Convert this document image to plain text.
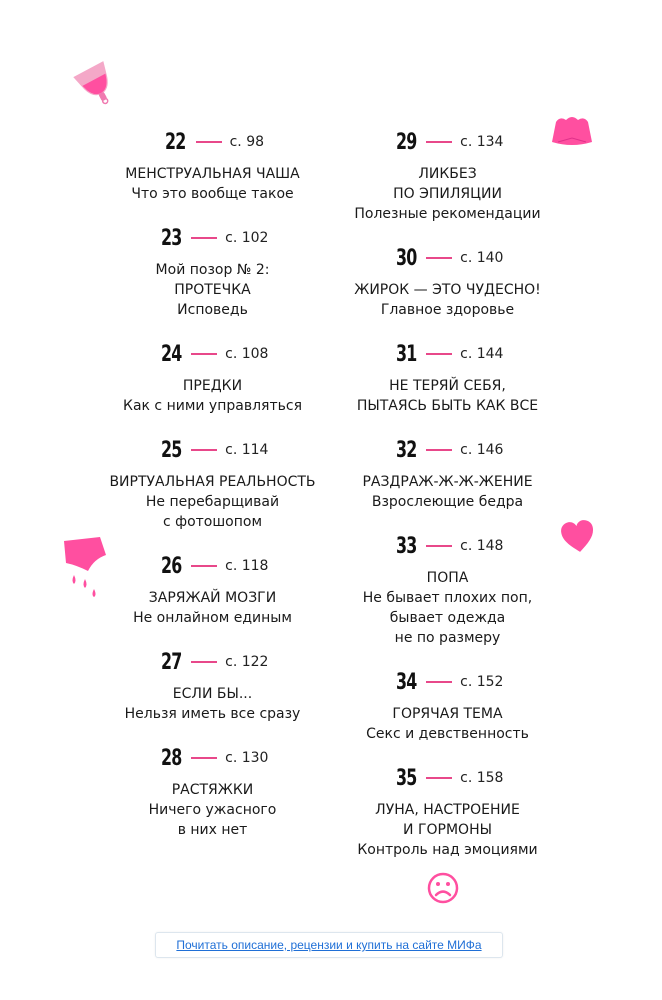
22	с. 98
МЕНСТРУАЛЬНАЯ ЧАША
Что это вообще такое
23	с. 102
Мой позор № 2:
ПРОТЕЧКА
Исповедь
24	с. 108
ПРЕДКИ
Как с ними управляться
25	с. 114
ВИРТУАЛЬНАЯ РЕАЛЬНОСТЬ
Не перебарщивай
с фотошопом
26	с. 118
ЗАРЯЖАЙ МОЗГИ
Не онлайном единым
27	с. 122
ЕСЛИ БЫ...
Нельзя иметь все сразу
28	с. 130
РАСТЯЖКИ
Ничего ужасного
в них нет
29	с. 134
ЛИКБЕЗ
ПО ЭПИЛЯЦИИ
Полезные рекомендации
30	с. 140
ЖИРОК — ЭТО ЧУДЕСНО!
Главное здоровье
31	с. 144
НЕ ТЕРЯЙ СЕБЯ,
ПЫТАЯСЬ БЫТЬ КАК ВСЕ
32	с. 146
РАЗДРАЖ-Ж-Ж-ЖЕНИЕ
Взрослеющие бедра
33	с. 148
ПОПА
Не бывает плохих поп,
бывает одежда
не по размеру
34	с. 152
ГОРЯЧАЯ ТЕМА
Секс и девственность
35	с. 158
ЛУНА, НАСТРОЕНИЕ
И ГОРМОНЫ
Контроль над эмоциями
Почитать описание, рецензии и купить на сайте МИФа
